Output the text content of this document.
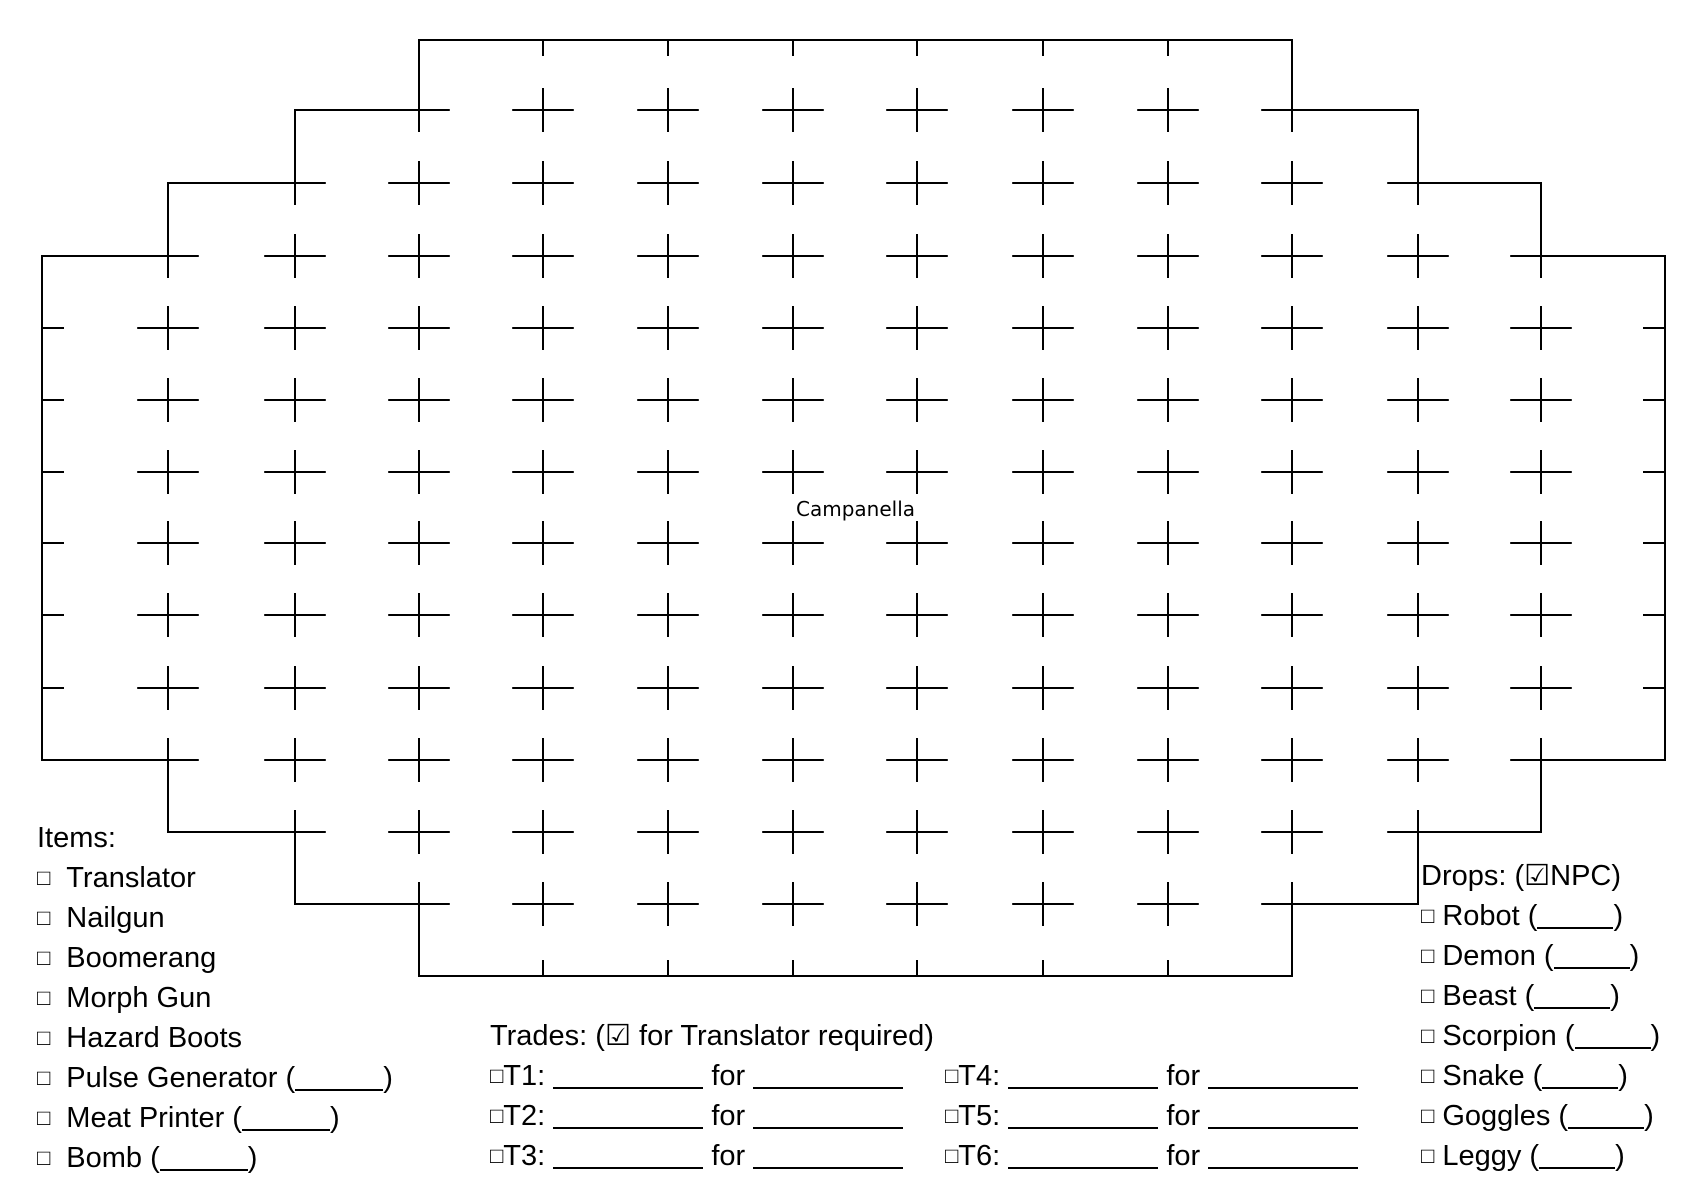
Campanella
Items:
□ Translator
□ Nailgun
□ Boomerang
□ Morph Gun
□ Hazard Boots
□ Pulse Generator (	)
□ Meat Printer (	)
□ Bomb (	)
Trades: (☑ for Translator required)
□T1:	for
□T2:	for
□T3:	for
□T4:	for
□T5:	for
□T6:	for
Drops: (☑NPC)
□ Robot (	)
□ Demon (	)
□ Beast (	)
□ Scorpion (	)
□ Snake (	)
□ Goggles (	)
□ Leggy (	)
